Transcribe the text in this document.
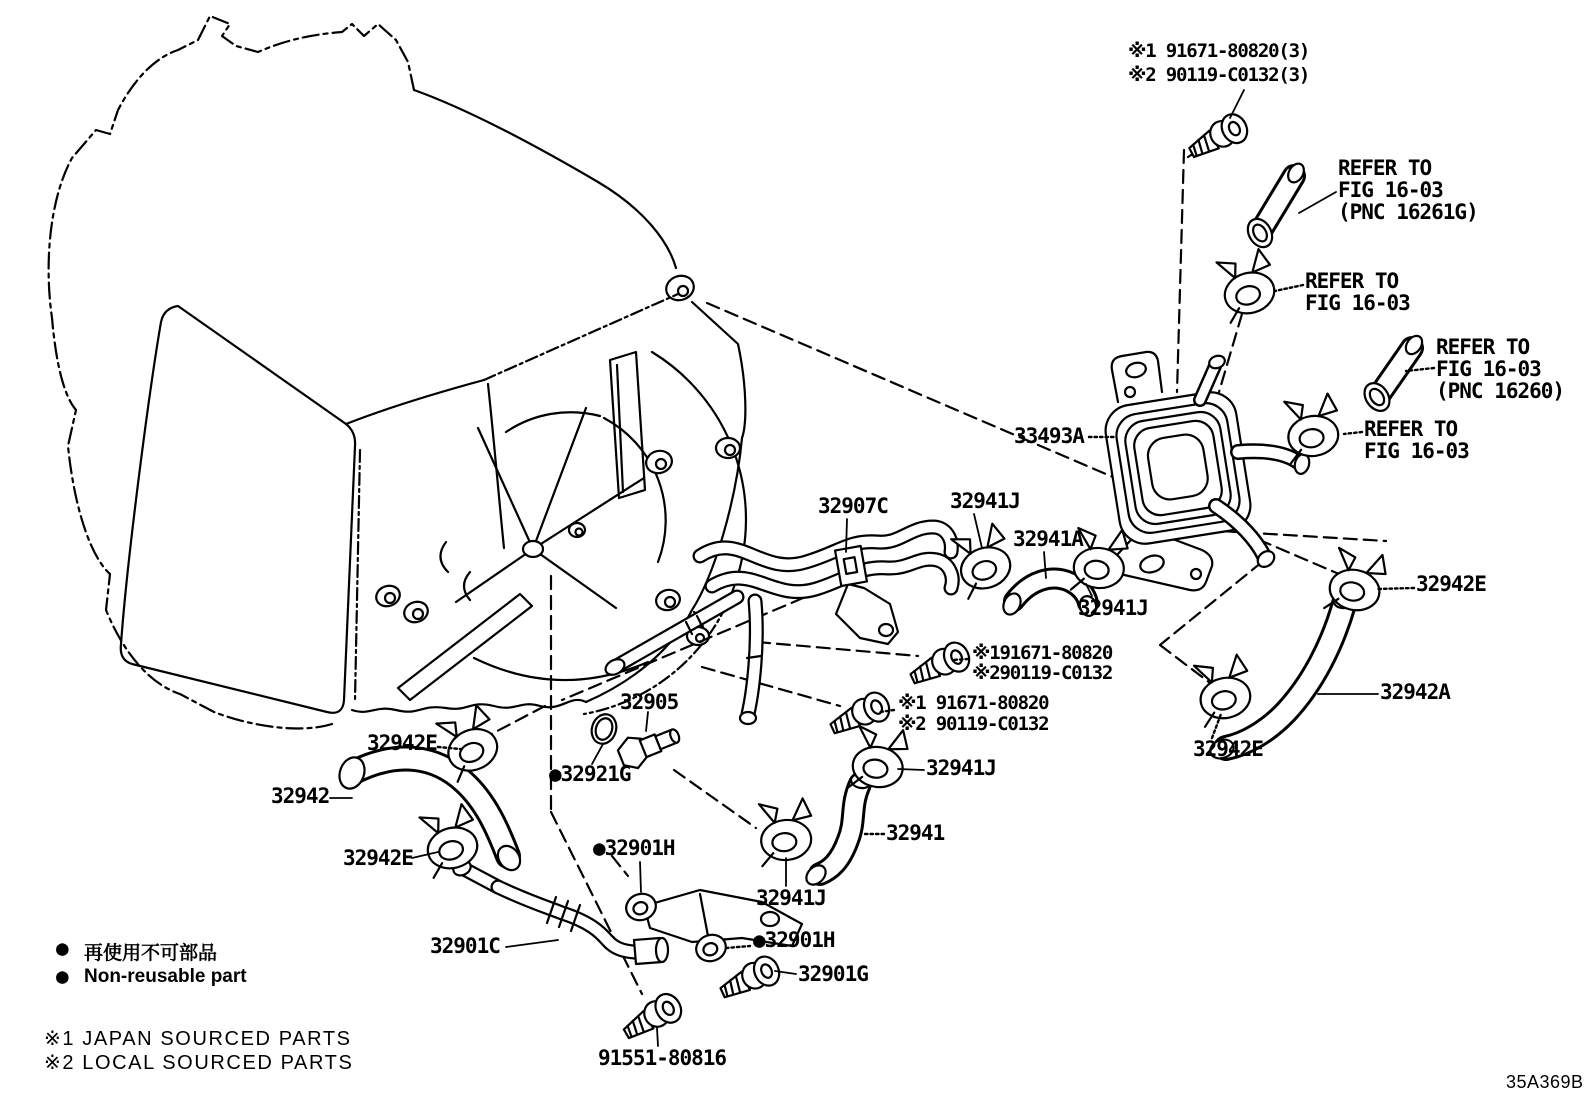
※1 91671-80820(3)
※2 90119-C0132(3)
REFER TO
FIG 16-03
(PNC 16261G)
REFER TO
FIG 16-03
REFER TO
FIG 16-03
(PNC 16260)
REFER TO
FIG 16-03
33493A
32907C	32941J
32941A
32941J
32942E
※191671-80820
※290119-C0132
※1 91671-80820
※2 90119-C0132
32942A
32905
32942E
●32921G
32942
32941J
32941
32942E	●32901H
32941J
32942E
32901C	●32901H
32901G
91551-80816
● 再使用不可部品
● Non-reusable part
※1 JAPAN SOURCED PARTS
※2 LOCAL SOURCED PARTS
35A369B
